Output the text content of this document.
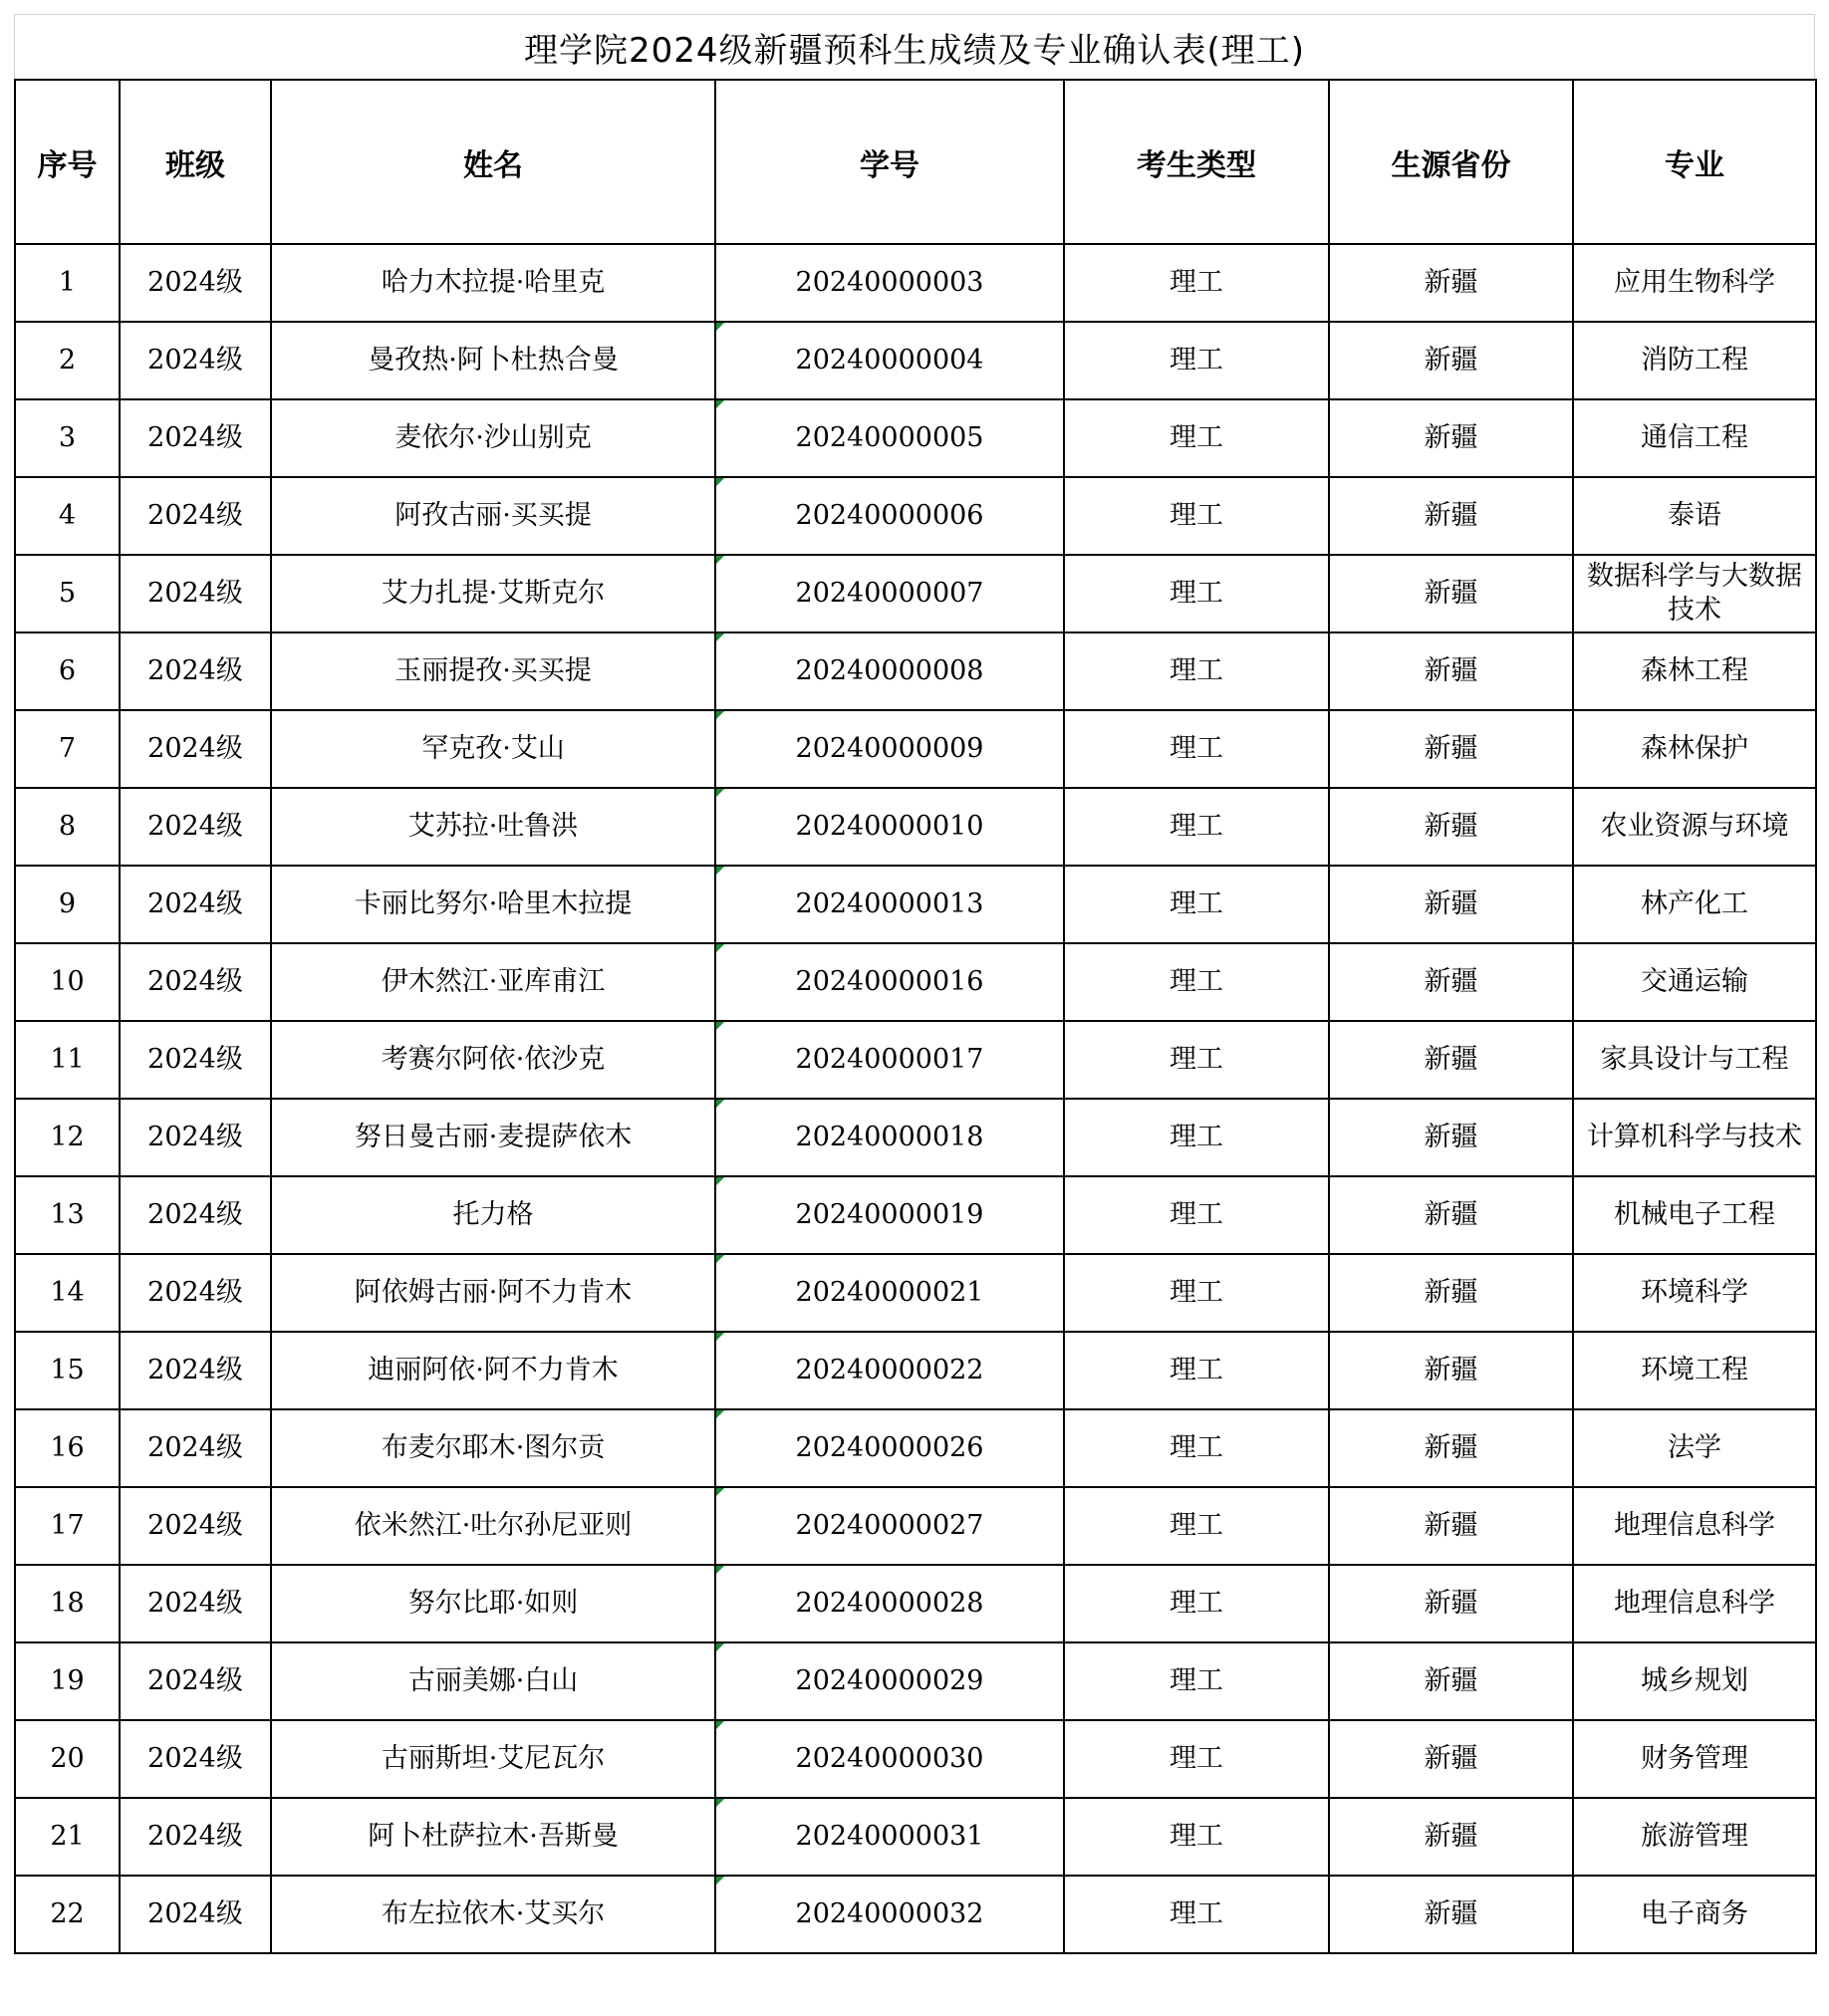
理学院2024级新疆预科生成绩及专业确认表(理工)
序号	班级	姓名	学号	考生类型	生源省份	专业
1	2024级	哈力木拉提·哈里克	20240000003	理工	新疆	应用生物科学
2	2024级	曼孜热·阿卜杜热合曼	20240000004	理工	新疆	消防工程
3	2024级	麦依尔·沙山别克	20240000005	理工	新疆	通信工程
4	2024级	阿孜古丽·买买提	20240000006	理工	新疆	泰语
5	2024级	艾力扎提·艾斯克尔	20240000007	理工	新疆	数据科学与大数据技术
6	2024级	玉丽提孜·买买提	20240000008	理工	新疆	森林工程
7	2024级	罕克孜·艾山	20240000009	理工	新疆	森林保护
8	2024级	艾苏拉·吐鲁洪	20240000010	理工	新疆	农业资源与环境
9	2024级	卡丽比努尔·哈里木拉提	20240000013	理工	新疆	林产化工
10	2024级	伊木然江·亚库甫江	20240000016	理工	新疆	交通运输
11	2024级	考赛尔阿依·依沙克	20240000017	理工	新疆	家具设计与工程
12	2024级	努日曼古丽·麦提萨依木	20240000018	理工	新疆	计算机科学与技术
13	2024级	托力格	20240000019	理工	新疆	机械电子工程
14	2024级	阿依姆古丽·阿不力肯木	20240000021	理工	新疆	环境科学
15	2024级	迪丽阿依·阿不力肯木	20240000022	理工	新疆	环境工程
16	2024级	布麦尔耶木·图尔贡	20240000026	理工	新疆	法学
17	2024级	依米然江·吐尔孙尼亚则	20240000027	理工	新疆	地理信息科学
18	2024级	努尔比耶·如则	20240000028	理工	新疆	地理信息科学
19	2024级	古丽美娜·白山	20240000029	理工	新疆	城乡规划
20	2024级	古丽斯坦·艾尼瓦尔	20240000030	理工	新疆	财务管理
21	2024级	阿卜杜萨拉木·吾斯曼	20240000031	理工	新疆	旅游管理
22	2024级	布左拉依木·艾买尔	20240000032	理工	新疆	电子商务
